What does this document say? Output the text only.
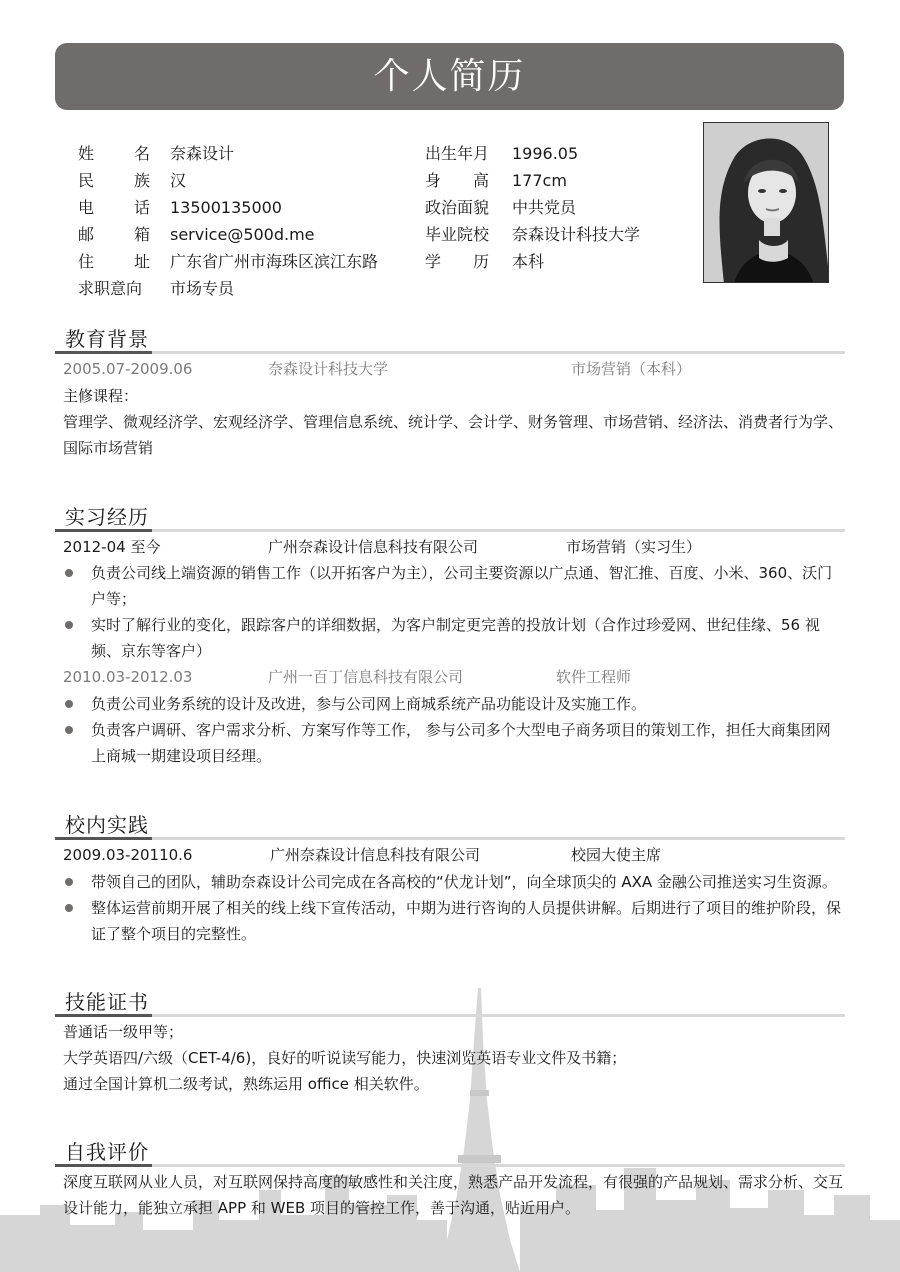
个人简历
姓 名 奈森设计	出生年月	1996.05
民 族 汉	身 高 177cm
电 话 13500135000	政治面貌	中共党员
邮 箱 service@500d.me	毕业院校	奈森设计科技大学
住 址 广东省广州市海珠区滨江东路	学 历 本科
求职意向	市场专员
教育背景
2005.07-2009.06	奈森设计科技大学	市场营销（本科）
主修课程：
管理学、微观经济学、宏观经济学、管理信息系统、统计学、会计学、财务管理、市场营销、经济法、消费者行为学、国际市场营销
实习经历
2012-04 至今	广州奈森设计信息科技有限公司	市场营销（实习生）
负责公司线上端资源的销售工作（以开拓客户为主），公司主要资源以广点通、智汇推、百度、小米、360、沃门户等；
实时了解行业的变化，跟踪客户的详细数据，为客户制定更完善的投放计划（合作过珍爱网、世纪佳缘、56 视频、京东等客户）
2010.03-2012.03	广州一百丁信息科技有限公司	软件工程师
负责公司业务系统的设计及改进，参与公司网上商城系统产品功能设计及实施工作。
负责客户调研、客户需求分析、方案写作等工作， 参与公司多个大型电子商务项目的策划工作，担任大商集团网上商城一期建设项目经理。
校内实践
2009.03-20110.6	广州奈森设计信息科技有限公司	校园大使主席
带领自己的团队，辅助奈森设计公司完成在各高校的“伏龙计划”，向全球顶尖的 AXA 金融公司推送实习生资源。
整体运营前期开展了相关的线上线下宣传活动，中期为进行咨询的人员提供讲解。后期进行了项目的维护阶段，保证了整个项目的完整性。
技能证书
普通话一级甲等；
大学英语四/六级（CET-4/6)，良好的听说读写能力，快速浏览英语专业文件及书籍；
通过全国计算机二级考试，熟练运用 office 相关软件。
自我评价
深度互联网从业人员，对互联网保持高度的敏感性和关注度，熟悉产品开发流程，有很强的产品规划、需求分析、交互设计能力，能独立承担 APP 和 WEB 项目的管控工作，善于沟通，贴近用户。
